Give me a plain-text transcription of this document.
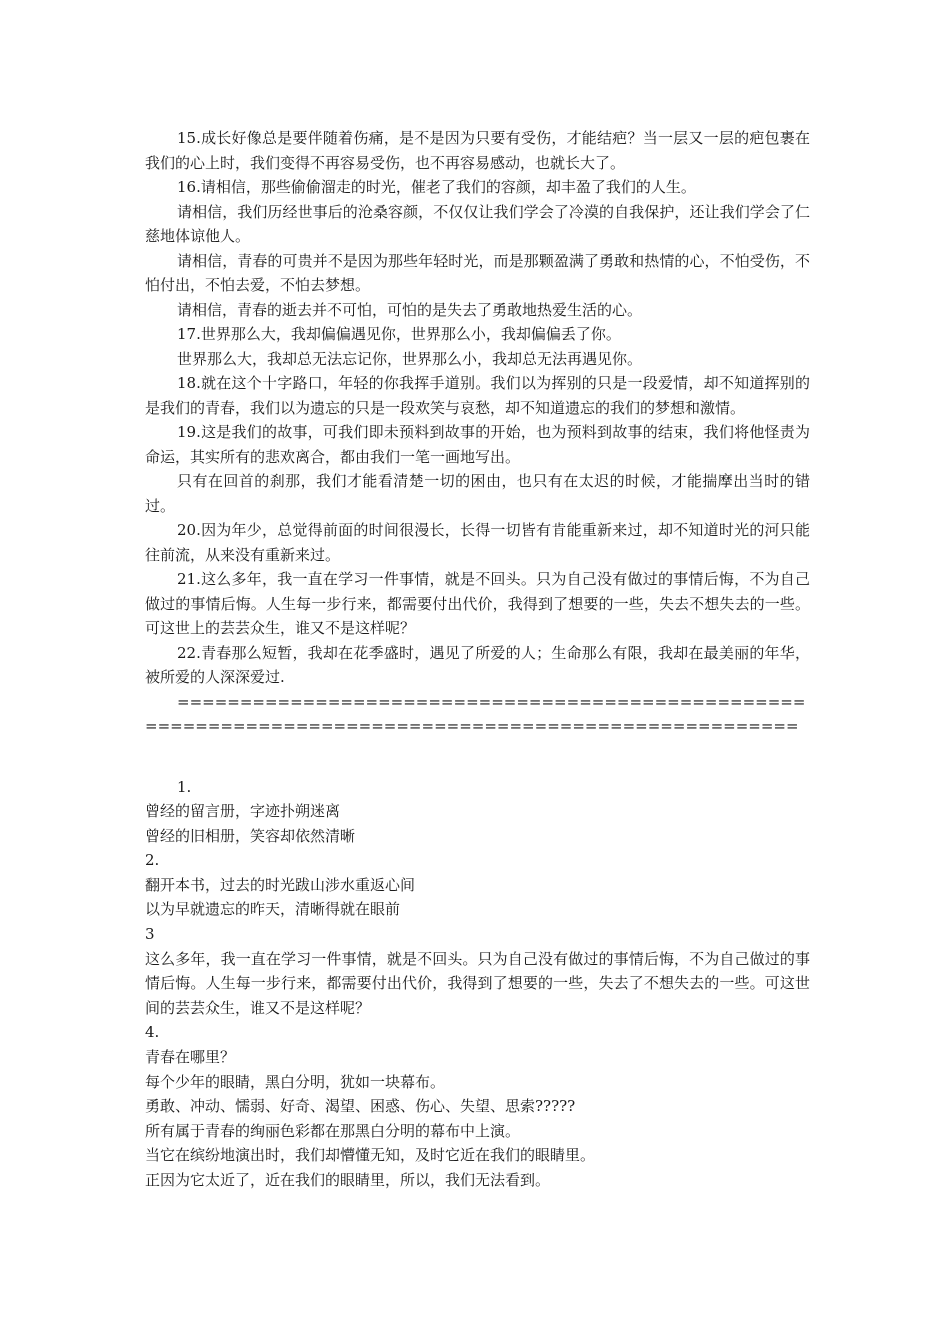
15.成长好像总是要伴随着伤痛，是不是因为只要有受伤，才能结疤？当一层又一层的疤包裹在我们的心上时，我们变得不再容易受伤，也不再容易感动，也就长大了。

16.请相信，那些偷偷溜走的时光，催老了我们的容颜，却丰盈了我们的人生。

请相信，我们历经世事后的沧桑容颜，不仅仅让我们学会了冷漠的自我保护，还让我们学会了仁慈地体谅他人。

请相信，青春的可贵并不是因为那些年轻时光，而是那颗盈满了勇敢和热情的心，不怕受伤，不怕付出，不怕去爱，不怕去梦想。

请相信，青春的逝去并不可怕，可怕的是失去了勇敢地热爱生活的心。

17.世界那么大，我却偏偏遇见你，世界那么小，我却偏偏丢了你。

世界那么大，我却总无法忘记你，世界那么小，我却总无法再遇见你。

18.就在这个十字路口，年轻的你我挥手道别。我们以为挥别的只是一段爱情，却不知道挥别的是我们的青春，我们以为遗忘的只是一段欢笑与哀愁，却不知道遗忘的我们的梦想和激情。

19.这是我们的故事，可我们即未预料到故事的开始，也为预料到故事的结束，我们将他怪责为命运，其实所有的悲欢离合，都由我们一笔一画地写出。

只有在回首的刹那，我们才能看清楚一切的困由，也只有在太迟的时候，才能揣摩出当时的错过。

20.因为年少，总觉得前面的时间很漫长，长得一切皆有肯能重新来过，却不知道时光的河只能往前流，从来没有重新来过。

21.这么多年，我一直在学习一件事情，就是不回头。只为自己没有做过的事情后悔，不为自己做过的事情后悔。人生每一步行来，都需要付出代价，我得到了想要的一些，失去不想失去的一些。可这世上的芸芸众生，谁又不是这样呢？

22.青春那么短暂，我却在花季盛时，遇见了所爱的人；生命那么有限，我却在最美丽的年华，被所爱的人深深爱过.

======================================================================================================

1.

曾经的留言册，字迹扑朔迷离

曾经的旧相册，笑容却依然清晰

2.

翻开本书，过去的时光跋山涉水重返心间

以为早就遗忘的昨天，清晰得就在眼前

3

这么多年，我一直在学习一件事情，就是不回头。只为自己没有做过的事情后悔，不为自己做过的事情后悔。人生每一步行来，都需要付出代价，我得到了想要的一些，失去了不想失去的一些。可这世间的芸芸众生，谁又不是这样呢？

4.

青春在哪里？

每个少年的眼睛，黑白分明，犹如一块幕布。

勇敢、冲动、懦弱、好奇、渴望、困惑、伤心、失望、思索?????

所有属于青春的绚丽色彩都在那黑白分明的幕布中上演。

当它在缤纷地演出时，我们却懵懂无知，及时它近在我们的眼睛里。

正因为它太近了，近在我们的眼睛里，所以，我们无法看到。
